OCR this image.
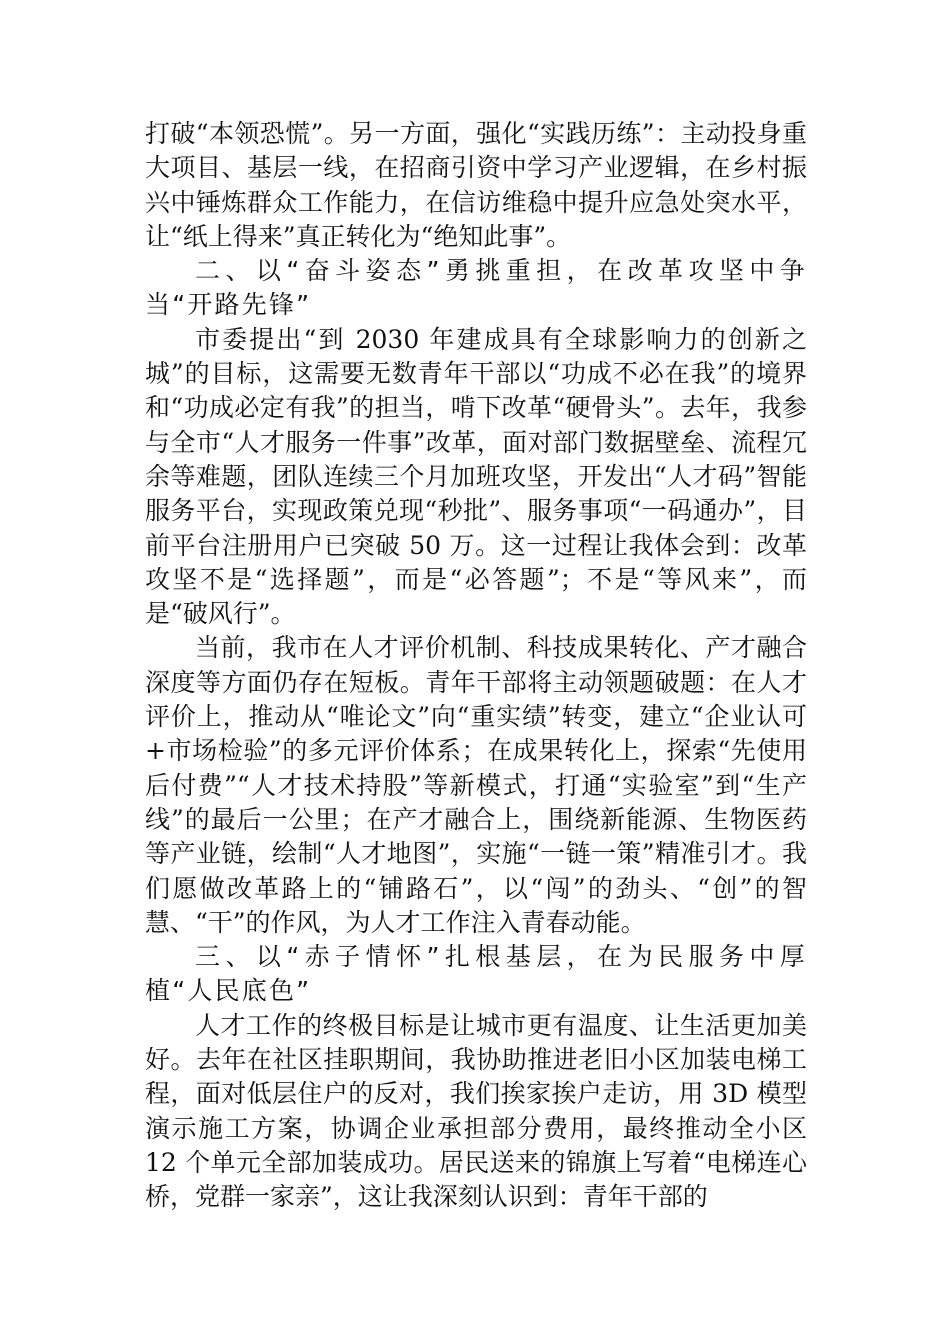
打破“本领恐慌”。另一方面，强化“实践历练”：主动投身重大项目、基层一线，在招商引资中学习产业逻辑，在乡村振兴中锤炼群众工作能力，在信访维稳中提升应急处突水平，让“纸上得来”真正转化为“绝知此事”。

二、以“奋斗姿态”勇挑重担，在改革攻坚中争当“开路先锋”

市委提出“到 2030 年建成具有全球影响力的创新之城”的目标，这需要无数青年干部以“功成不必在我”的境界和“功成必定有我”的担当，啃下改革“硬骨头”。去年，我参与全市“人才服务一件事”改革，面对部门数据壁垒、流程冗余等难题，团队连续三个月加班攻坚，开发出“人才码”智能服务平台，实现政策兑现“秒批”、服务事项“一码通办”，目前平台注册用户已突破 50 万。这一过程让我体会到：改革攻坚不是“选择题”，而是“必答题”；不是“等风来”，而是“破风行”。

当前，我市在人才评价机制、科技成果转化、产才融合深度等方面仍存在短板。青年干部将主动领题破题：在人才评价上，推动从“唯论文”向“重实绩”转变，建立“企业认可+市场检验”的多元评价体系；在成果转化上，探索“先使用后付费”“人才技术持股”等新模式，打通“实验室”到“生产线”的最后一公里；在产才融合上，围绕新能源、生物医药等产业链，绘制“人才地图”，实施“一链一策”精准引才。我们愿做改革路上的“铺路石”，以“闯”的劲头、“创”的智慧、“干”的作风，为人才工作注入青春动能。

三、以“赤子情怀”扎根基层，在为民服务中厚植“人民底色”

人才工作的终极目标是让城市更有温度、让生活更加美好。去年在社区挂职期间，我协助推进老旧小区加装电梯工程，面对低层住户的反对，我们挨家挨户走访，用 3D 模型演示施工方案，协调企业承担部分费用，最终推动全小区 12 个单元全部加装成功。居民送来的锦旗上写着“电梯连心桥，党群一家亲”，这让我深刻认识到：青年干部的
